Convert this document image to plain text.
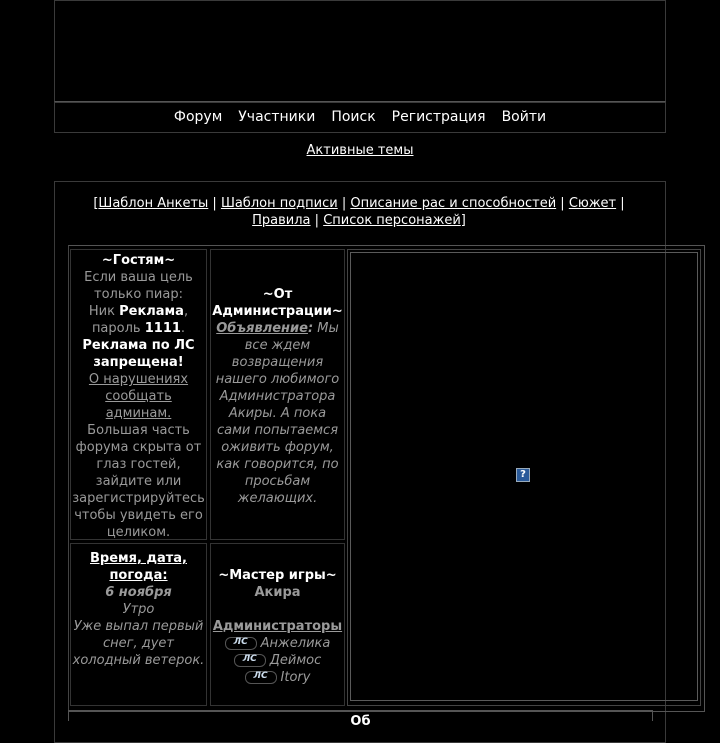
Форум Участники Поиск Регистрация Войти
Активные темы
[Шаблон Анкеты | Шаблон подписи | Описание рас и способностей | Сюжет |
Правила | Список персонажей]
~Гостям~
Если ваша цель только пиар:
Ник Реклама, пароль 1111.
Реклама по ЛС запрещена!
О нарушениях сообщать админам.
Большая часть форума скрыта от глаз гостей, зайдите или зарегистрируйтесь чтобы увидеть его целиком.
~От Администрации~
Объявление: Мы все ждем возвращения нашего любимого Администратора Акиры. А пока сами попытаемся оживить форум, как говорится, по просьбам желающих.
Время, дата, погода:
6 ноября
Утро
Уже выпал первый снег, дует холодный ветерок.
~Мастер игры~
Акира
Администраторы
ЛС Анжелика
ЛС Деймос
ЛС Itory
?
Об
